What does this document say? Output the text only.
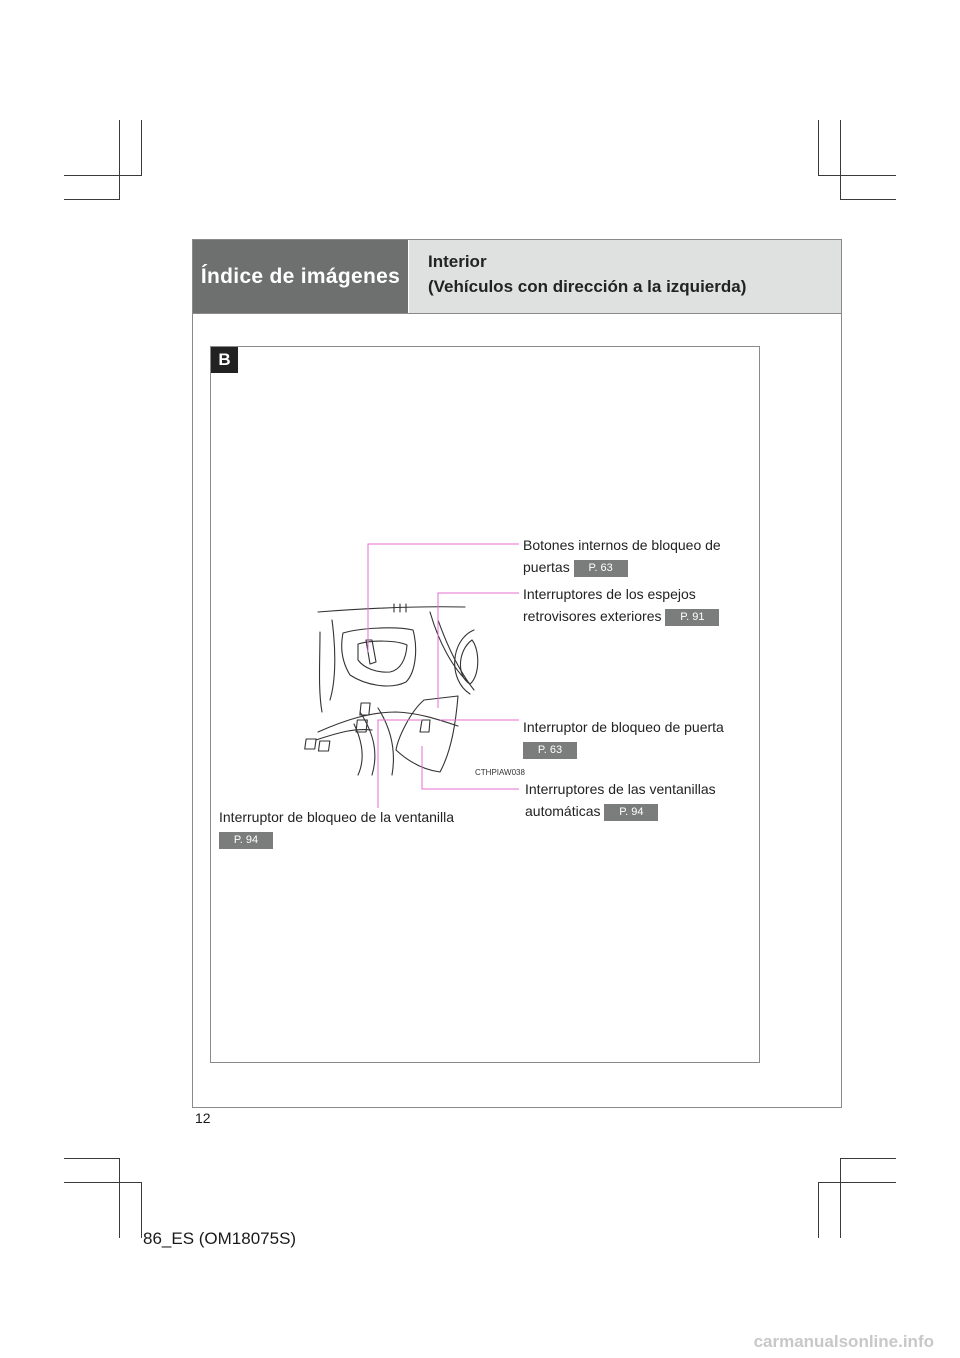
Índice de imágenes
Interior
(Vehículos con dirección a la izquierda)
B
CTHPIAW038
Botones internos de bloqueo de
puertas P. 63
Interruptores de los espejos
retrovisores exteriores P. 91
Interruptor de bloqueo de puerta
P. 63
Interruptores de las ventanillas
automáticas P. 94
Interruptor de bloqueo de la ventanilla
P. 94
12
86_ES (OM18075S)
carmanualsonline.info
